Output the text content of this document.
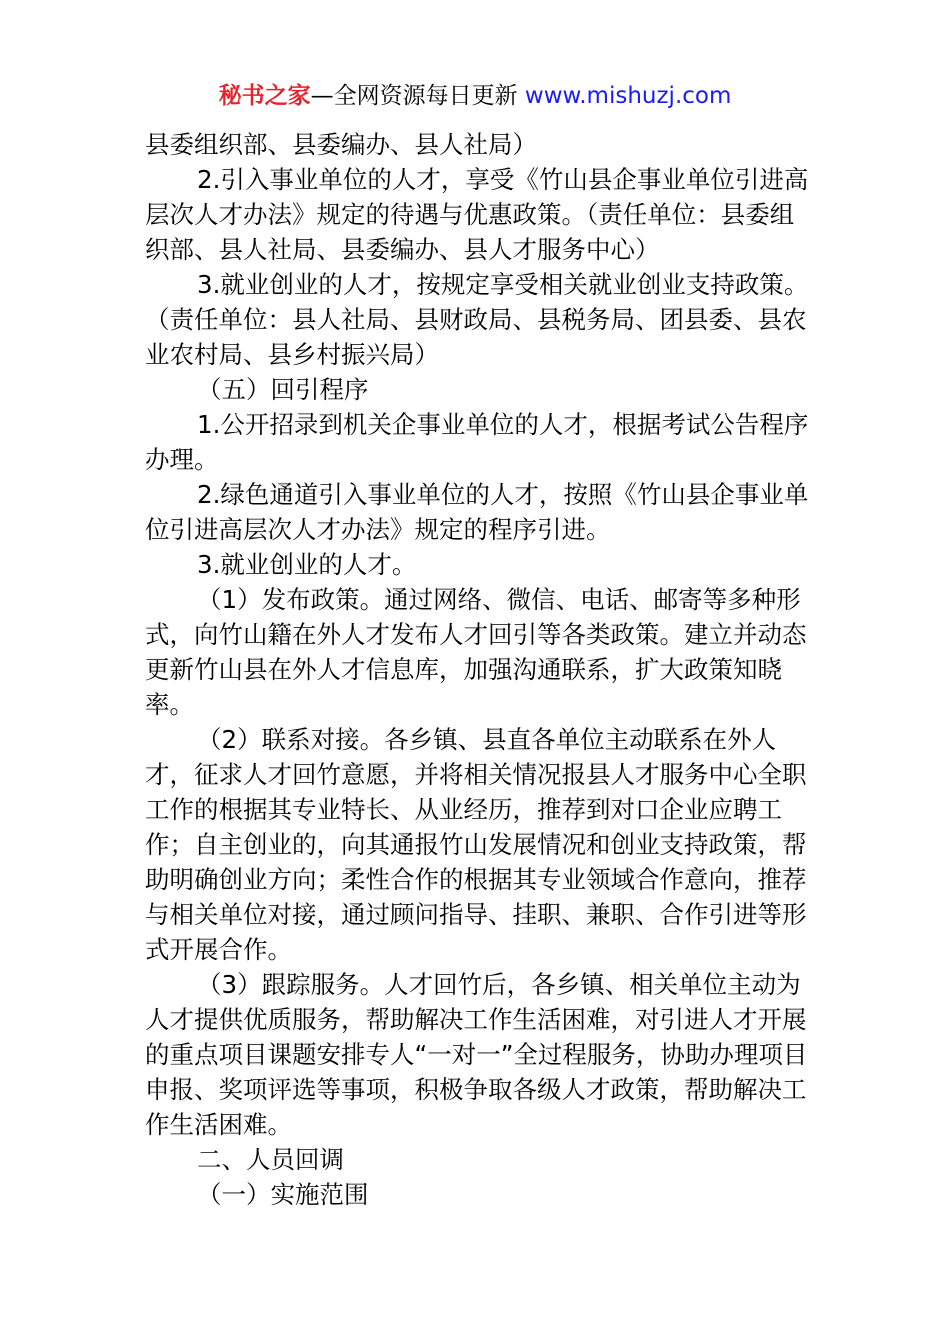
秘书之家—全网资源每日更新 www.mishuzj.com

县委组织部、县委编办、县人社局）

2.引入事业单位的人才，享受《竹山县企事业单位引进高层次人才办法》规定的待遇与优惠政策。（责任单位：县委组织部、县人社局、县委编办、县人才服务中心）

3.就业创业的人才，按规定享受相关就业创业支持政策。（责任单位：县人社局、县财政局、县税务局、团县委、县农业农村局、县乡村振兴局）

（五）回引程序

1.公开招录到机关企事业单位的人才，根据考试公告程序办理。

2.绿色通道引入事业单位的人才，按照《竹山县企事业单位引进高层次人才办法》规定的程序引进。

3.就业创业的人才。

（1）发布政策。通过网络、微信、电话、邮寄等多种形式，向竹山籍在外人才发布人才回引等各类政策。建立并动态更新竹山县在外人才信息库，加强沟通联系，扩大政策知晓率。

（2）联系对接。各乡镇、县直各单位主动联系在外人才，征求人才回竹意愿，并将相关情况报县人才服务中心全职工作的根据其专业特长、从业经历，推荐到对口企业应聘工作；自主创业的，向其通报竹山发展情况和创业支持政策，帮助明确创业方向；柔性合作的根据其专业领域合作意向，推荐与相关单位对接，通过顾问指导、挂职、兼职、合作引进等形式开展合作。

（3）跟踪服务。人才回竹后，各乡镇、相关单位主动为人才提供优质服务，帮助解决工作生活困难，对引进人才开展的重点项目课题安排专人“一对一”全过程服务，协助办理项目申报、奖项评选等事项，积极争取各级人才政策，帮助解决工作生活困难。

二、人员回调

（一）实施范围
